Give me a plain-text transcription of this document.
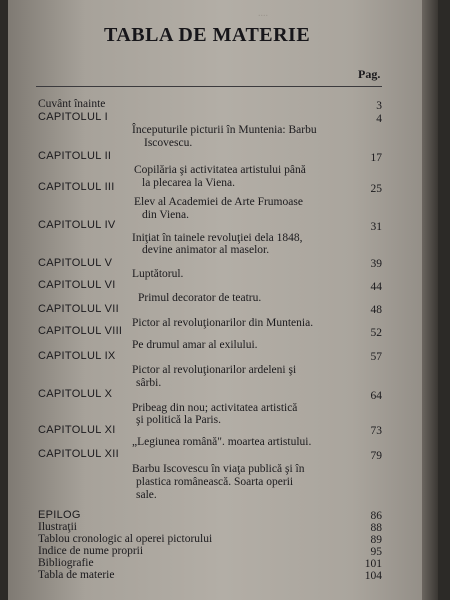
....
TABLA DE MATERIE
Pag.
Cuvânt înainte	3
CAPITOLUL I	4
Începuturile picturii în Muntenia: Barbu
Iscovescu.
CAPITOLUL II	17
Copilăria şi activitatea artistului până
la plecarea la Viena.
CAPITOLUL III	25
Elev al Academiei de Arte Frumoase
din Viena.
CAPITOLUL IV	31
Iniţiat în tainele revoluţiei dela 1848,
devine animator al maselor.
CAPITOLUL V	39
Luptătorul.
CAPITOLUL VI	44
Primul decorator de teatru.
CAPITOLUL VII	48
Pictor al revoluţionarilor din Muntenia.
CAPITOLUL VIII	52
Pe drumul amar al exilului.
CAPITOLUL IX	57
Pictor al revoluţionarilor ardeleni şi
sârbi.
CAPITOLUL X	64
Pribeag din nou; activitatea artistică
şi politică la Paris.
CAPITOLUL XI	73
„Legiunea română". moartea artistului.
CAPITOLUL XII	79
Barbu Iscovescu în viaţa publică şi în
plastica românească. Soarta operii
sale.
EPILOG	86
Ilustraţii	88
Tablou cronologic al operei pictorului	89
Indice de nume proprii	95
Bibliografie	101
Tabla de materie	104
